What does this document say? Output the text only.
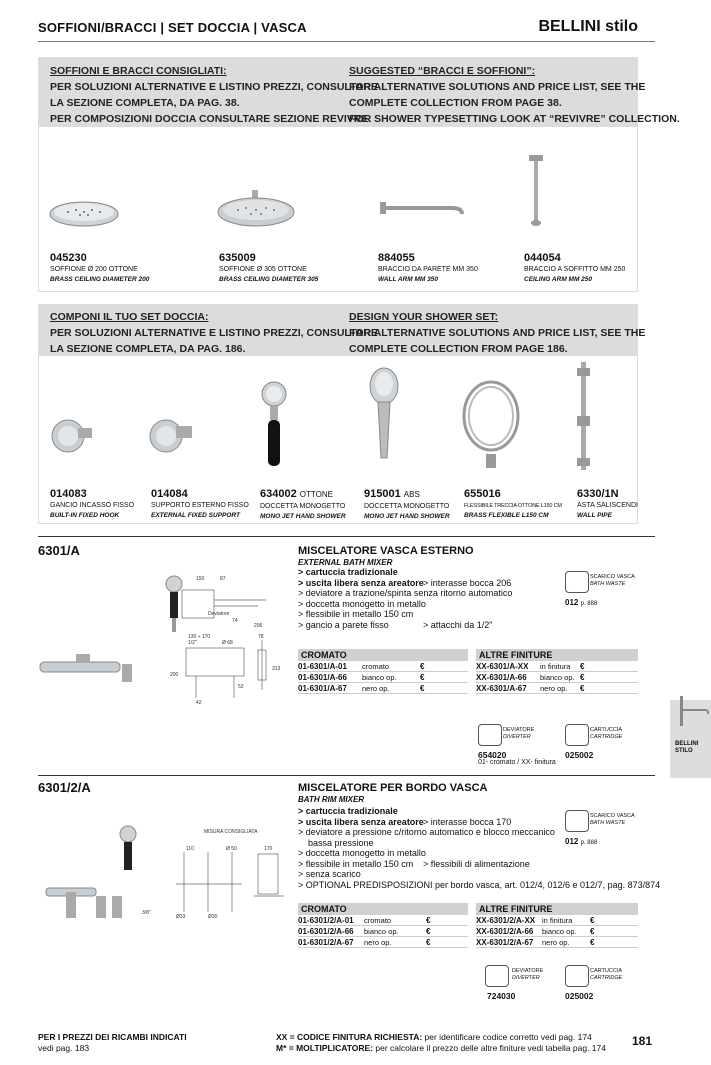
SOFFIONI/BRACCI | SET DOCCIA | VASCA	BELLINI stilo
SOFFIONI E BRACCI CONSIGLIATI:
PER SOLUZIONI ALTERNATIVE E LISTINO PREZZI, CONSULTARE
LA SEZIONE COMPLETA, DA PAG. 38.
PER COMPOSIZIONI DOCCIA CONSULTARE SEZIONE REVIVRE.
SUGGESTED “BRACCI E SOFFIONI”:
FOR ALTERNATIVE SOLUTIONS AND PRICE LIST, SEE THE
COMPLETE COLLECTION FROM PAGE 38.
FOR SHOWER TYPESETTING LOOK AT “REVIVRE” COLLECTION.
045230
SOFFIONE Ø 200 OTTONE
BRASS CEILING DIAMETER 200
635009
SOFFIONE Ø 305 OTTONE
BRASS CEILING DIAMETER 305
884055
BRACCIO DA PARETE MM 350
WALL ARM MM 350
044054
BRACCIO A SOFFITTO MM 250
CEILING ARM MM 250
COMPONI IL TUO SET DOCCIA:
PER SOLUZIONI ALTERNATIVE E LISTINO PREZZI, CONSULTARE
LA SEZIONE COMPLETA, DA PAG. 186.
DESIGN YOUR SHOWER SET:
FOR ALTERNATIVE SOLUTIONS AND PRICE LIST, SEE THE
COMPLETE COLLECTION FROM PAGE 186.
014083
GANCIO INCASSO FISSO
BUILT-IN FIXED HOOK
014084
SUPPORTO ESTERNO FISSO
EXTERNAL FIXED SUPPORT
634002 OTTONE
DOCCETTA MONOGETTO
MONO JET HAND SHOWER
915001 ABS
DOCCETTA MONOGETTO
MONO JET HAND SHOWER
655016
FLESSIBILE TRECCIA OTTONE L150 CM
BRASS FLEXIBLE L150 CM
6330/1N
ASTA SALISCENDI
WALL PIPE
6301/A	MISCELATORE VASCA ESTERNO
EXTERNAL BATH MIXER
> cartuccia tradizionale
> uscita libera senza areatore > interasse bocca 206
> deviatore a trazione/spinta senza ritorno automatico
> doccetta monogetto in metallo
> flessibile in metallo 150 cm
> gancio a parete fisso	> attacchi da 1/2"
SCARICO VASCA
BATH WASTE
012 p. 888
150	87
Deviatore
74
206
130 ÷ 170
1/2"	Ø 68
78
313
52
200
42
CROMATO
01-6301/A-01 cromato	€
01-6301/A-66 bianco op.	€
01-6301/A-67 nero op.	€
ALTRE FINITURE
XX-6301/A-XX in finitura €
XX-6301/A-66 bianco op. €
XX-6301/A-67 nero op. €
DEVIATORE
DIVERTER
654020
01- cromato / XX- finitura
CARTUCCIA
CARTRIDGE
025002
6301/2/A	MISCELATORE PER BORDO VASCA
BATH RIM MIXER
> cartuccia tradizionale
> uscita libera senza areatore > interasse bocca 170
> deviatore a pressione c/ritorno automatico e blocco meccanico
bassa pressione
> doccetta monogetto in metallo
> flessibile in metallo 150 cm > flessibili di alimentazione
> senza scarico
> OPTIONAL PREDISPOSIZIONI per bordo vasca, art. 012/4, 012/6 e 012/7, pag. 873/874
SCARICO VASCA
BATH WASTE
012 p. 888
MISURA CONSIGLIATA
110	Ø 50	170
Ø33	Ø30
3/8"	CROMATO
01-6301/2/A-01 cromato	€
01-6301/2/A-66 bianco op.	€
01-6301/2/A-67 nero op.	€
ALTRE FINITURE
XX-6301/2/A-XX in finitura €
XX-6301/2/A-66 bianco op. €
XX-6301/2/A-67 nero op.	€
DEVIATORE
DIVERTER
724030
CARTUCCIA
CARTRIDGE
025002
PER I PREZZI DEI RICAMBI INDICATI
vedi pag. 183
XX = CODICE FINITURA RICHIESTA: per identificare codice corretto vedi pag. 174
M* = MOLTIPLICATORE: per calcolare il prezzo delle altre finiture vedi tabella pag. 174 181
BELLINI
STILO
